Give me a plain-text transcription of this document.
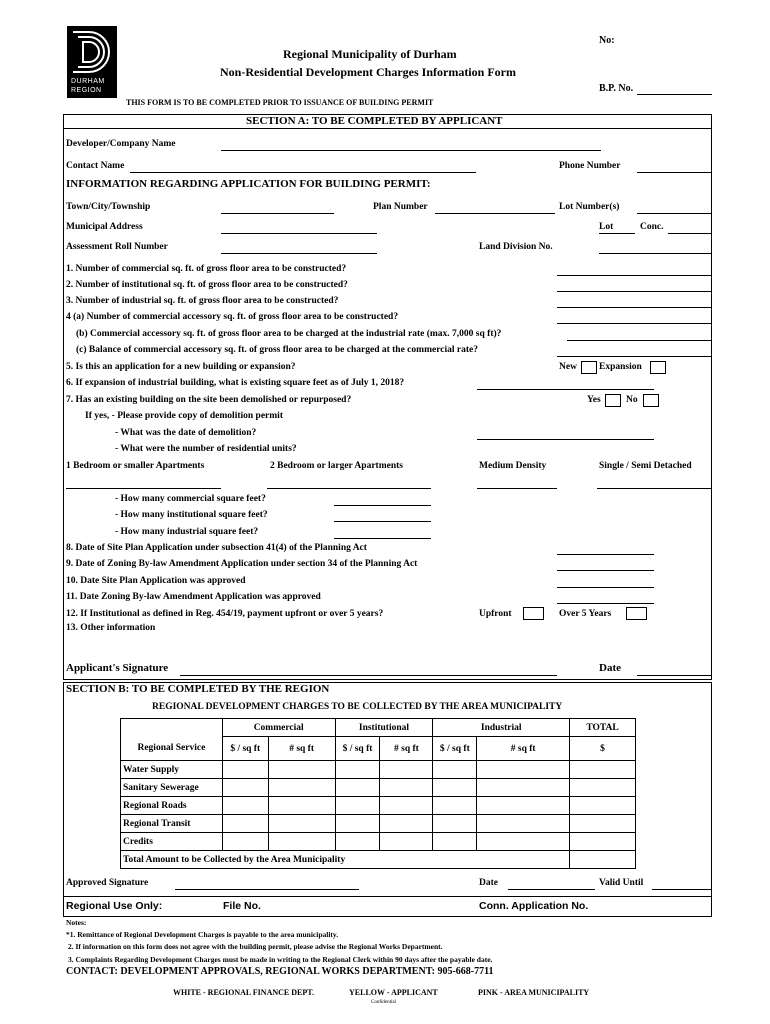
DURHAM
REGION
Regional Municipality of Durham
Non-Residential Development Charges Information Form
No:
B.P. No.
THIS FORM IS TO BE COMPLETED PRIOR TO ISSUANCE OF BUILDING PERMIT
SECTION A: TO BE COMPLETED BY APPLICANT
Developer/Company Name
Contact Name	Phone Number
INFORMATION REGARDING APPLICATION FOR BUILDING PERMIT:
Town/City/Township	Plan Number	Lot Number(s)
Municipal Address	Lot	Conc.
Assessment Roll Number	Land Division No.
1. Number of commercial sq. ft. of gross floor area to be constructed?
2. Number of institutional sq. ft. of gross floor area to be constructed?
3. Number of industrial sq. ft. of gross floor area to be constructed?
4 (a) Number of commercial accessory sq. ft. of gross floor area to be constructed?
(b) Commercial accessory sq. ft. of gross floor area to be charged at the industrial rate (max. 7,000 sq ft)?
(c) Balance of commercial accessory sq. ft. of gross floor area to be charged at the commercial rate?
5. Is this an application for a new building or expansion?	New Expansion
6. If expansion of industrial building, what is existing square feet as of July 1, 2018?
7. Has an existing building on the site been demolished or repurposed?	Yes	No
If yes, - Please provide copy of demolition permit
- What was the date of demolition?
- What were the number of residential units?
1 Bedroom or smaller Apartments	2 Bedroom or larger Apartments	Medium Density	Single / Semi Detached
- How many commercial square feet?
- How many institutional square feet?
- How many industrial square feet?
8. Date of Site Plan Application under subsection 41(4) of the Planning Act
9. Date of Zoning By-law Amendment Application under section 34 of the Planning Act
10. Date Site Plan Application was approved
11. Date Zoning By-law Amendment Application was approved
12. If Institutional as defined in Reg. 454/19, payment upfront or over 5 years?	Upfront	Over 5 Years
13. Other information
Applicant's Signature	Date
SECTION B: TO BE COMPLETED BY THE REGION
REGIONAL DEVELOPMENT CHARGES TO BE COLLECTED BY THE AREA MUNICIPALITY
	Commercial		Institutional		Industrial		TOTAL
Regional Service	$ / sq ft	# sq ft	$ / sq ft	# sq ft	$ / sq ft	# sq ft	$
Water Supply							
Sanitary Sewerage							
Regional Roads							
Regional Transit							
Credits							
Total Amount to be Collected by the Area Municipality							
Approved Signature	Date	Valid Until
Regional Use Only:	File No.	Conn. Application No.
Notes:
*1. Remittance of Regional Development Charges is payable to the area municipality.
2. If information on this form does not agree with the building permit, please advise the Regional Works Department.
3. Complaints Regarding Development Charges must be made in writing to the Regional Clerk within 90 days after the payable date.
CONTACT: DEVELOPMENT APPROVALS, REGIONAL WORKS DEPARTMENT: 905-668-7711
WHITE - REGIONAL FINANCE DEPT.	YELLOW - APPLICANT	PINK - AREA MUNICIPALITY
Confidential
